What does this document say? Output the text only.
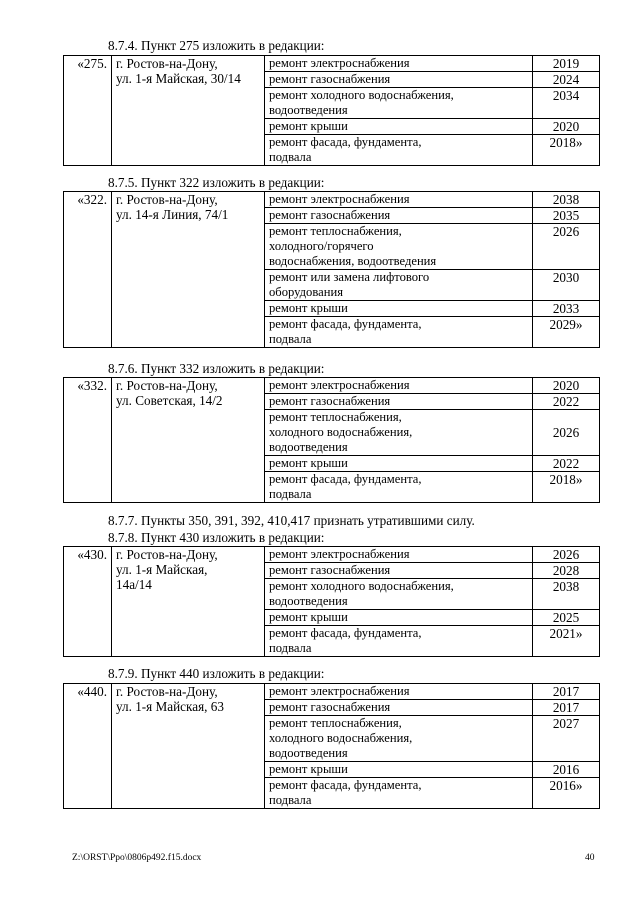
8.7.4. Пункт 275 изложить в редакции:
«275.	г. Ростов-на-Дону,
ул. 1-я Майская, 30/14	ремонт электроснабжения	2019
		ремонт газоснабжения	2024
		ремонт холодного водоснабжения,
водоотведения	2034
		ремонт крыши	2020
		ремонт фасада, фундамента,
подвала	2018»
8.7.5. Пункт 322 изложить в редакции:
«322.	г. Ростов-на-Дону,
ул. 14-я Линия, 74/1	ремонт электроснабжения	2038
		ремонт газоснабжения	2035
		ремонт теплоснабжения,
холодного/горячего
водоснабжения, водоотведения	2026
		ремонт или замена лифтового
оборудования	2030
		ремонт крыши	2033
		ремонт фасада, фундамента,
подвала	2029»
8.7.6. Пункт 332 изложить в редакции:
«332.	г. Ростов-на-Дону,
ул. Советская, 14/2	ремонт электроснабжения	2020
		ремонт газоснабжения	2022
		ремонт теплоснабжения,
холодного водоснабжения,
водоотведения	2026
		ремонт крыши	2022
		ремонт фасада, фундамента,
подвала	2018»
8.7.7. Пункты 350, 391, 392, 410,417 признать утратившими силу.
8.7.8. Пункт 430 изложить в редакции:
«430.	г. Ростов-на-Дону,
ул. 1-я Майская,
14а/14	ремонт электроснабжения	2026
		ремонт газоснабжения	2028
		ремонт холодного водоснабжения,
водоотведения	2038
		ремонт крыши	2025
		ремонт фасада, фундамента,
подвала	2021»
8.7.9. Пункт 440 изложить в редакции:
«440.	г. Ростов-на-Дону,
ул. 1-я Майская, 63	ремонт электроснабжения	2017
		ремонт газоснабжения	2017
		ремонт теплоснабжения,
холодного водоснабжения,
водоотведения	2027
		ремонт крыши	2016
		ремонт фасада, фундамента,
подвала	2016»
Z:\ORST\Ppo\0806p492.f15.docx	40
